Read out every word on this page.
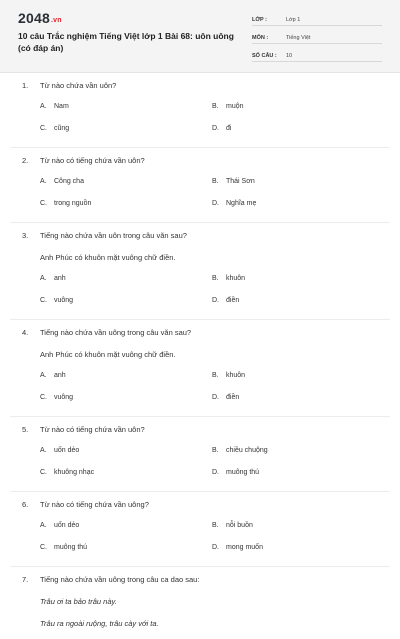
2048.vn
10 câu Trắc nghiệm Tiếng Việt lớp 1 Bài 68: uôn uông (có đáp án)
LỚP :	Lớp 1
MÔN :	Tiếng Việt
SỐ CÂU :	10
1. Từ nào chứa vần uôn?
A. Nam	B. muộn
C. cũng	D. đi
2. Từ nào có tiếng chứa vần uôn?
A. Công cha	B. Thái Sơn
C. trong nguồn	D. Nghĩa mẹ
3. Tiếng nào chứa vần uôn trong câu văn sau?
Anh Phúc có khuôn mặt vuông chữ điền.
A. anh	B. khuôn
C. vuông	D. điền
4. Tiếng nào chứa vần uông trong câu văn sau?
Anh Phúc có khuôn mặt vuông chữ điền.
A. anh	B. khuôn
C. vuông	D. điền
5. Từ nào có tiếng chứa vần uôn?
A. uốn dẻo	B. chiều chuộng
C. khuông nhạc	D. muông thú
6. Từ nào có tiếng chứa vần uông?
A. uốn dẻo	B. nỗi buồn
C. muông thú	D. mong muốn
7. Tiếng nào chứa vần uông trong câu ca dao sau:
Trâu ơi ta bảo trâu này.
Trâu ra ngoài ruộng, trâu cày với ta.
